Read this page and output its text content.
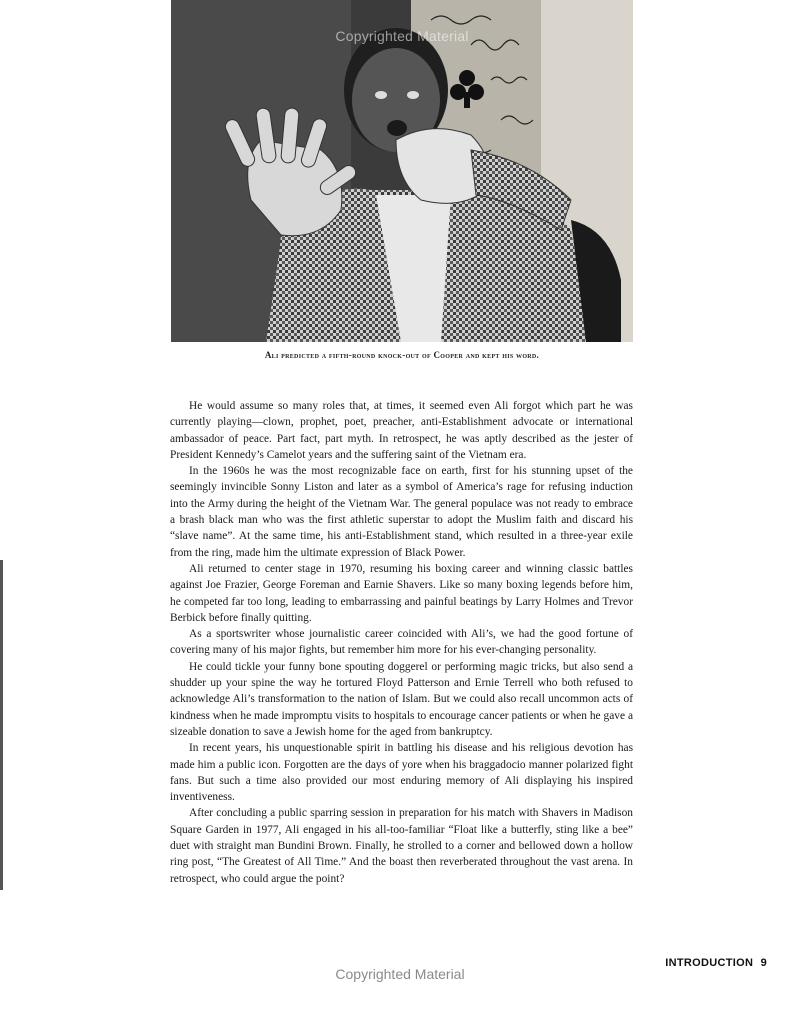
Copyrighted Material
Ali predicted a fifth-round knock-out of Cooper and kept his word.

He would assume so many roles that, at times, it seemed even Ali forgot which part he was currently playing—clown, prophet, poet, preacher, anti-Establishment advocate or international ambassador of peace. Part fact, part myth. In retrospect, he was aptly described as the jester of President Kennedy’s Camelot years and the suffering saint of the Vietnam era.

In the 1960s he was the most recognizable face on earth, first for his stunning upset of the seemingly invincible Sonny Liston and later as a symbol of America’s rage for refusing induction into the Army during the height of the Vietnam War. The general populace was not ready to embrace a brash black man who was the first athletic superstar to adopt the Muslim faith and discard his “slave name”. At the same time, his anti-Establishment stand, which resulted in a three-year exile from the ring, made him the ultimate expression of Black Power.

Ali returned to center stage in 1970, resuming his boxing career and winning classic battles against Joe Frazier, George Foreman and Earnie Shavers. Like so many boxing legends before him, he competed far too long, leading to embarrassing and painful beatings by Larry Holmes and Trevor Berbick before finally quitting.

As a sportswriter whose journalistic career coincided with Ali’s, we had the good fortune of covering many of his major fights, but remember him more for his ever-changing personality.

He could tickle your funny bone spouting doggerel or performing magic tricks, but also send a shudder up your spine the way he tortured Floyd Patterson and Ernie Terrell who both refused to acknowledge Ali’s transformation to the nation of Islam. But we could also recall uncommon acts of kindness when he made impromptu visits to hospitals to encourage cancer patients or when he gave a sizeable donation to save a Jewish home for the aged from bankruptcy.

In recent years, his unquestionable spirit in battling his disease and his religious devotion has made him a public icon. Forgotten are the days of yore when his braggadocio manner polarized fight fans. But such a time also provided our most enduring memory of Ali displaying his inspired inventiveness.

After concluding a public sparring session in preparation for his match with Shavers in Madison Square Garden in 1977, Ali engaged in his all-too-familiar “Float like a butterfly, sting like a bee” duet with straight man Bundini Brown. Finally, he strolled to a corner and bellowed down a hollow ring post, “The Greatest of All Time.” And the boast then reverberated throughout the vast arena. In retrospect, who could argue the point?

INTRODUCTION 9
Copyrighted Material
